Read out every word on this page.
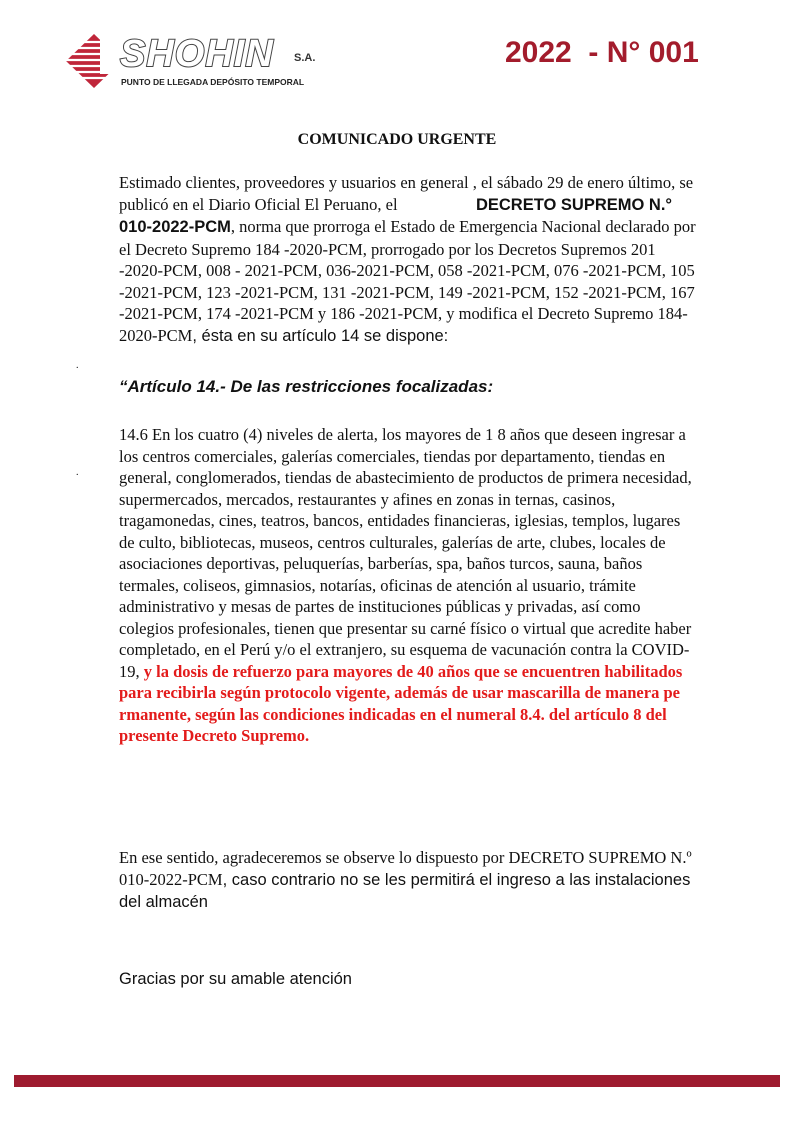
SHOHIN S.A.
PUNTO DE LLEGADA DEPÓSITO TEMPORAL
2022  - N° 001
COMUNICADO URGENTE

Estimado clientes, proveedores y usuarios en general , el sábado 29 de enero último, se publicó en el Diario Oficial El Peruano, el	DECRETO SUPREMO N.° 010-2022-PCM, norma que prorroga el Estado de Emergencia Nacional declarado por el Decreto Supremo 184 -2020-PCM, prorrogado por los Decretos Supremos 201 -2020-PCM, 008 - 2021-PCM, 036-2021-PCM, 058 -2021-PCM, 076 -2021-PCM, 105 -2021-PCM, 123 -2021-PCM, 131 -2021-PCM, 149 -2021-PCM, 152 -2021-PCM, 167 -2021-PCM, 174 -2021-PCM y 186 -2021-PCM, y modifica el Decreto Supremo 184-2020-PCM, ésta en su artículo 14 se dispone:

.
“Artículo 14.- De las restricciones focalizadas:

14.6 En los cuatro (4) niveles de alerta, los mayores de 1 8 años que deseen ingresar a los centros comerciales, galerías comerciales, tiendas por departamento, tiendas en general, conglomerados, tiendas de abastecimiento de productos de primera necesidad, supermercados, mercados, restaurantes y afines en zonas in ternas, casinos, tragamonedas, cines, teatros, bancos, entidades financieras, iglesias, templos, lugares de culto, bibliotecas, museos, centros culturales, galerías de arte, clubes, locales de asociaciones deportivas, peluquerías, barberías, spa, baños turcos, sauna, baños termales, coliseos, gimnasios, notarías, oficinas de atención al usuario, trámite administrativo y mesas de partes de instituciones públicas y privadas, así como colegios profesionales, tienen que presentar su carné físico o virtual que acredite haber completado, en el Perú y/o el extranjero, su esquema de vacunación contra la COVID-19, y la dosis de refuerzo para mayores de 40 años que se encuentren habilitados para recibirla según protocolo vigente, además de usar mascarilla de manera pe rmanente, según las condiciones indicadas en el numeral 8.4. del artículo 8 del presente Decreto Supremo.

.

En ese sentido, agradeceremos se observe lo dispuesto por DECRETO SUPREMO N.º 010-2022-PCM, caso contrario no se les permitirá el ingreso a las instalaciones del almacén

Gracias por su amable atención
